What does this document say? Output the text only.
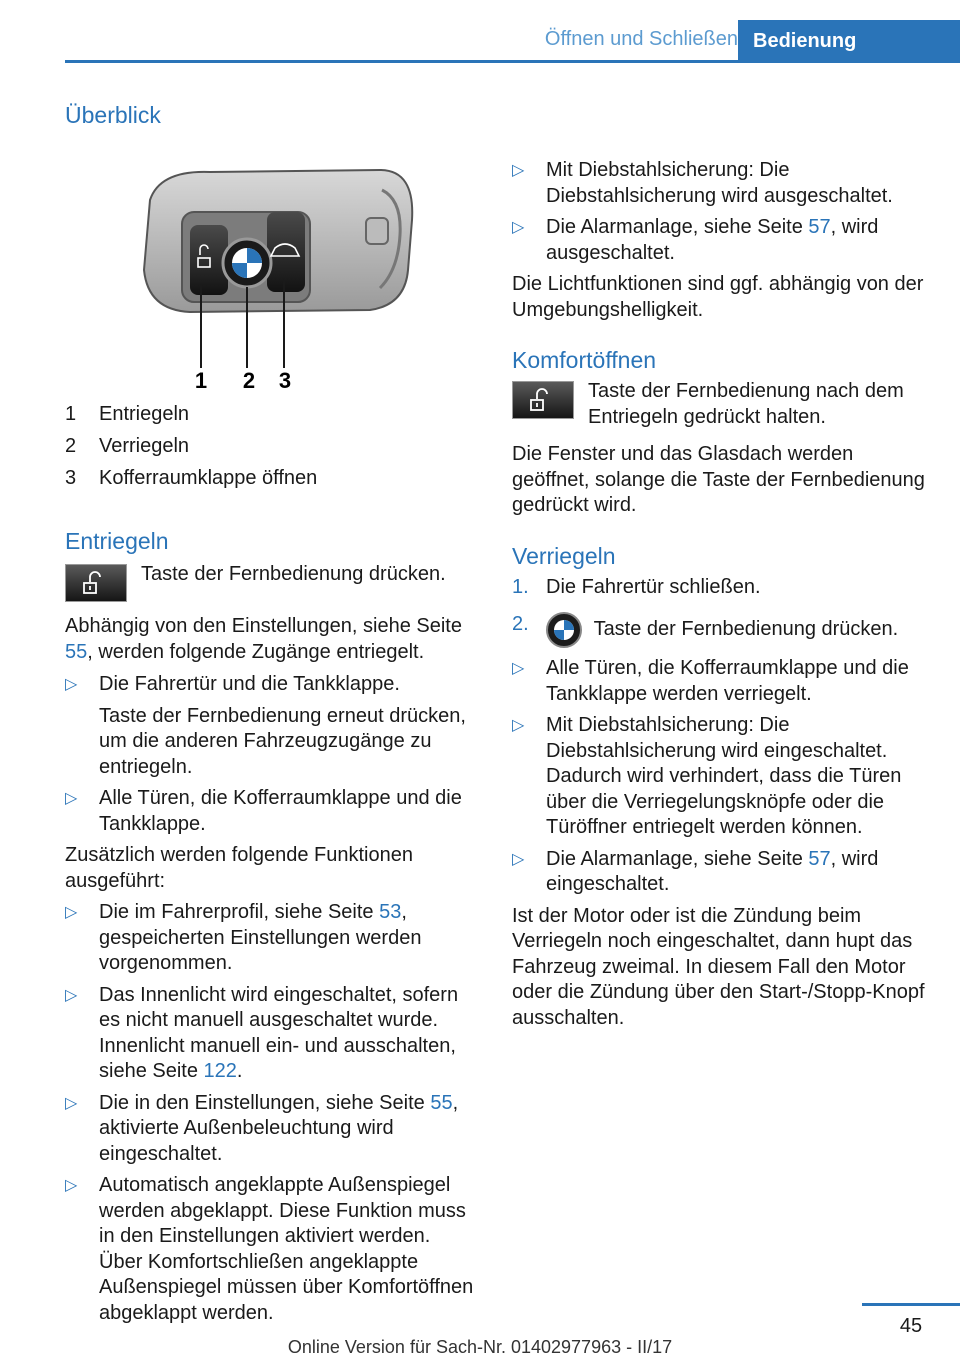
Öffnen und Schließen Bedienung
Überblick
1 2 3
1	Entriegeln
2	Verriegeln
3	Kofferraumklappe öffnen
Entriegeln

Taste der Fernbedienung drücken.

Abhängig von den Einstellungen, siehe Seite 55, werden folgende Zugänge entriegelt.

▷ Die Fahrertür und die Tankklappe.

Taste der Fernbedienung erneut drücken, um die anderen Fahrzeugzugänge zu entriegeln.

▷ Alle Türen, die Kofferraumklappe und die Tankklappe.

Zusätzlich werden folgende Funktionen ausgeführt:

▷ Die im Fahrerprofil, siehe Seite 53, gespeicherten Einstellungen werden vorgenommen.
▷ Das Innenlicht wird eingeschaltet, sofern es nicht manuell ausgeschaltet wurde. Innenlicht manuell ein- und ausschalten, siehe Seite 122.
▷ Die in den Einstellungen, siehe Seite 55, aktivierte Außenbeleuchtung wird eingeschaltet.
▷ Automatisch angeklappte Außenspiegel werden abgeklappt. Diese Funktion muss in den Einstellungen aktiviert werden. Über Komfortschließen angeklappte Außenspiegel müssen über Komfortöffnen abgeklappt werden.
▷ Mit Diebstahlsicherung: Die Diebstahlsicherung wird ausgeschaltet.
▷ Die Alarmanlage, siehe Seite 57, wird ausgeschaltet.

Die Lichtfunktionen sind ggf. abhängig von der Umgebungshelligkeit.

Komfortöffnen

Taste der Fernbedienung nach dem Entriegeln gedrückt halten.

Die Fenster und das Glasdach werden geöffnet, solange die Taste der Fernbedienung gedrückt wird.

Verriegeln
1. Die Fahrertür schließen.
2.	Taste der Fernbedienung drücken.
▷ Alle Türen, die Kofferraumklappe und die Tankklappe werden verriegelt.
▷ Mit Diebstahlsicherung: Die Diebstahlsicherung wird eingeschaltet. Dadurch wird verhindert, dass die Türen über die Verriegelungsknöpfe oder die Türöffner entriegelt werden können.
▷ Die Alarmanlage, siehe Seite 57, wird eingeschaltet.

Ist der Motor oder ist die Zündung beim Verriegeln noch eingeschaltet, dann hupt das Fahrzeug zweimal. In diesem Fall den Motor oder die Zündung über den Start-/Stopp-Knopf ausschalten.

45
Online Version für Sach-Nr. 01402977963 - II/17
